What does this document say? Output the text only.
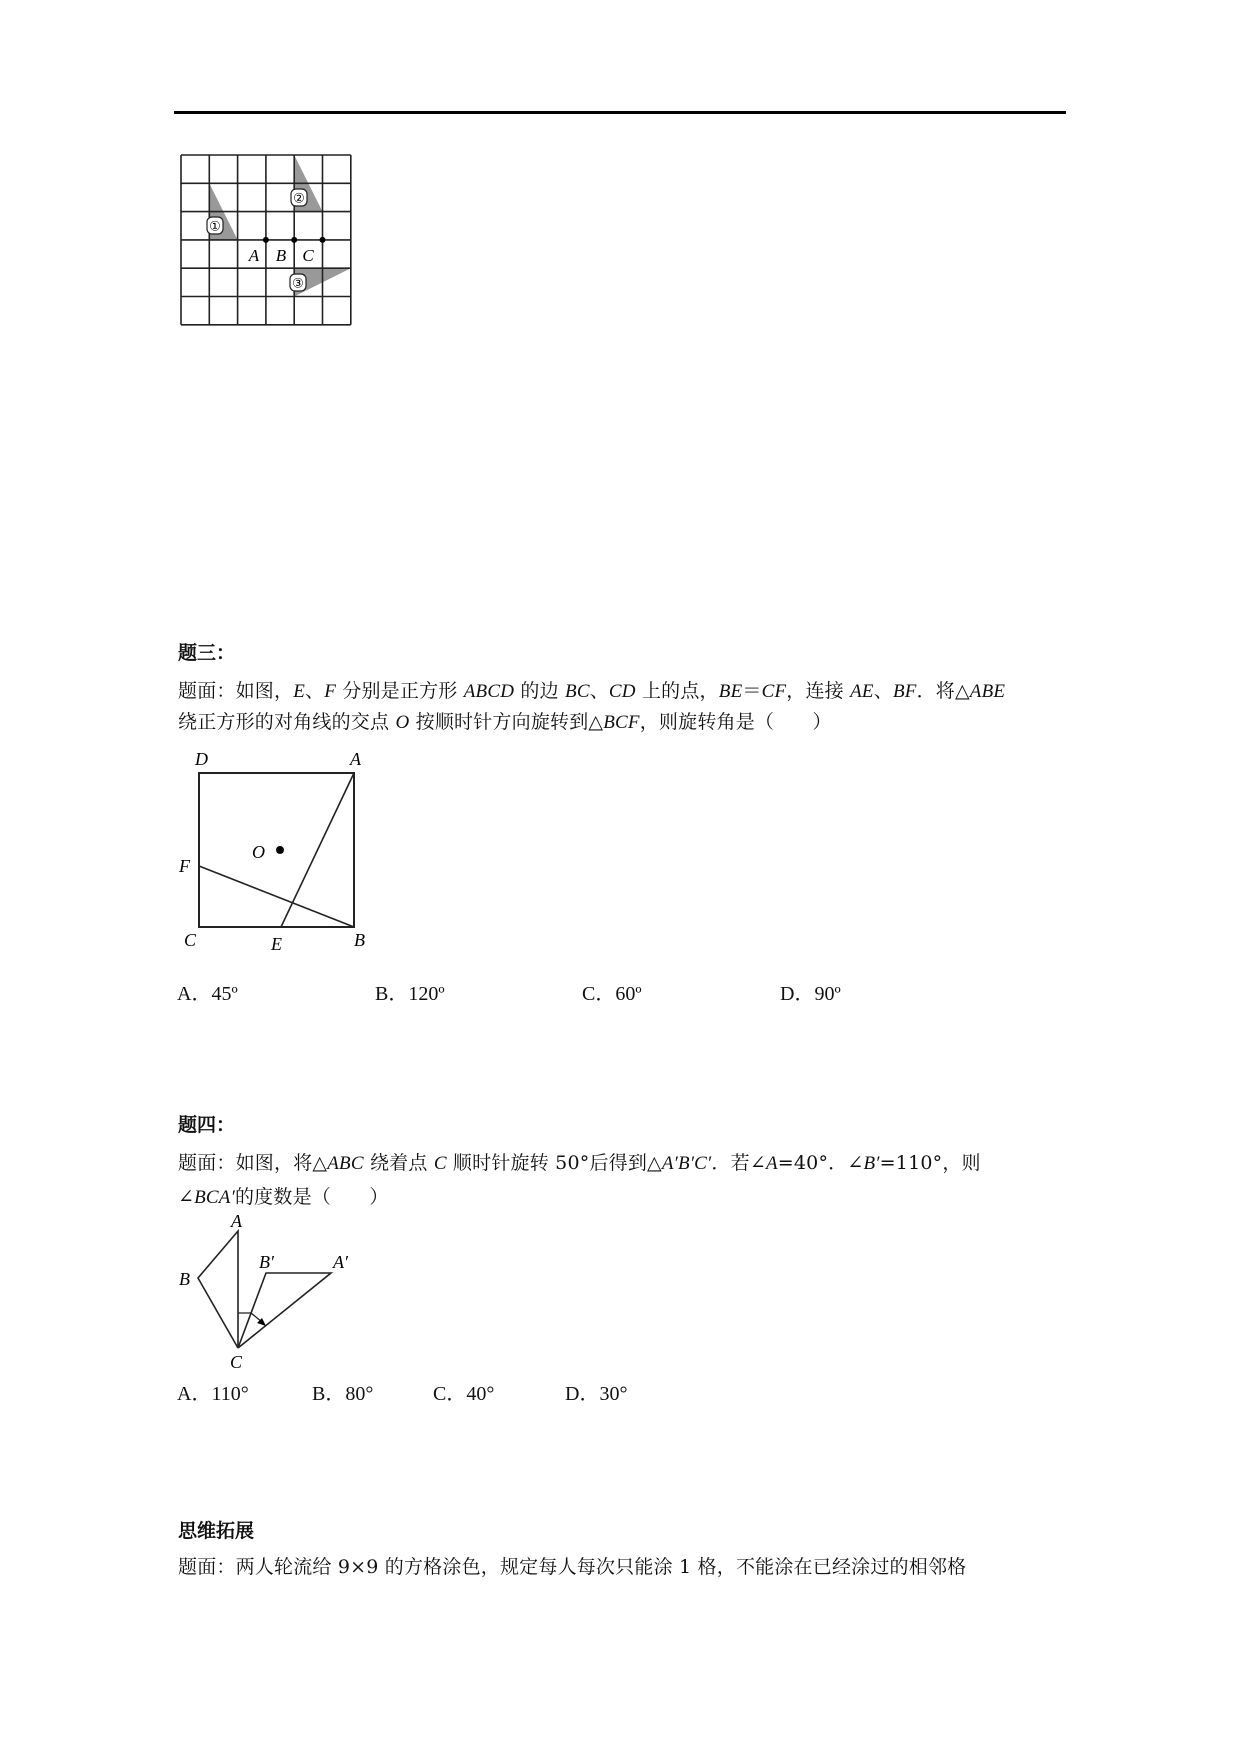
①
②
③
A B C
题三：
题面：如图，E、F 分别是正方形 ABCD 的边 BC、CD 上的点，BE＝CF，连接 AE、BF．将△ABE
绕正方形的对角线的交点 O 按顺时针方向旋转到△BCF，则旋转角是（　　）
D	A
F
O
C	E	B
A．45º	B．120º	C．60º	D．90º
题四：
题面：如图，将△ABC 绕着点 C 顺时针旋转 50°后得到△A′B′C′．若∠A=40°．∠B′=110°，则
∠BCA′的度数是（　　）
A
B
B′	A′
C
A．110°	B．80°	C．40°	D．30°
思维拓展
题面：两人轮流给 9×9 的方格涂色，规定每人每次只能涂 1 格，不能涂在已经涂过的相邻格
